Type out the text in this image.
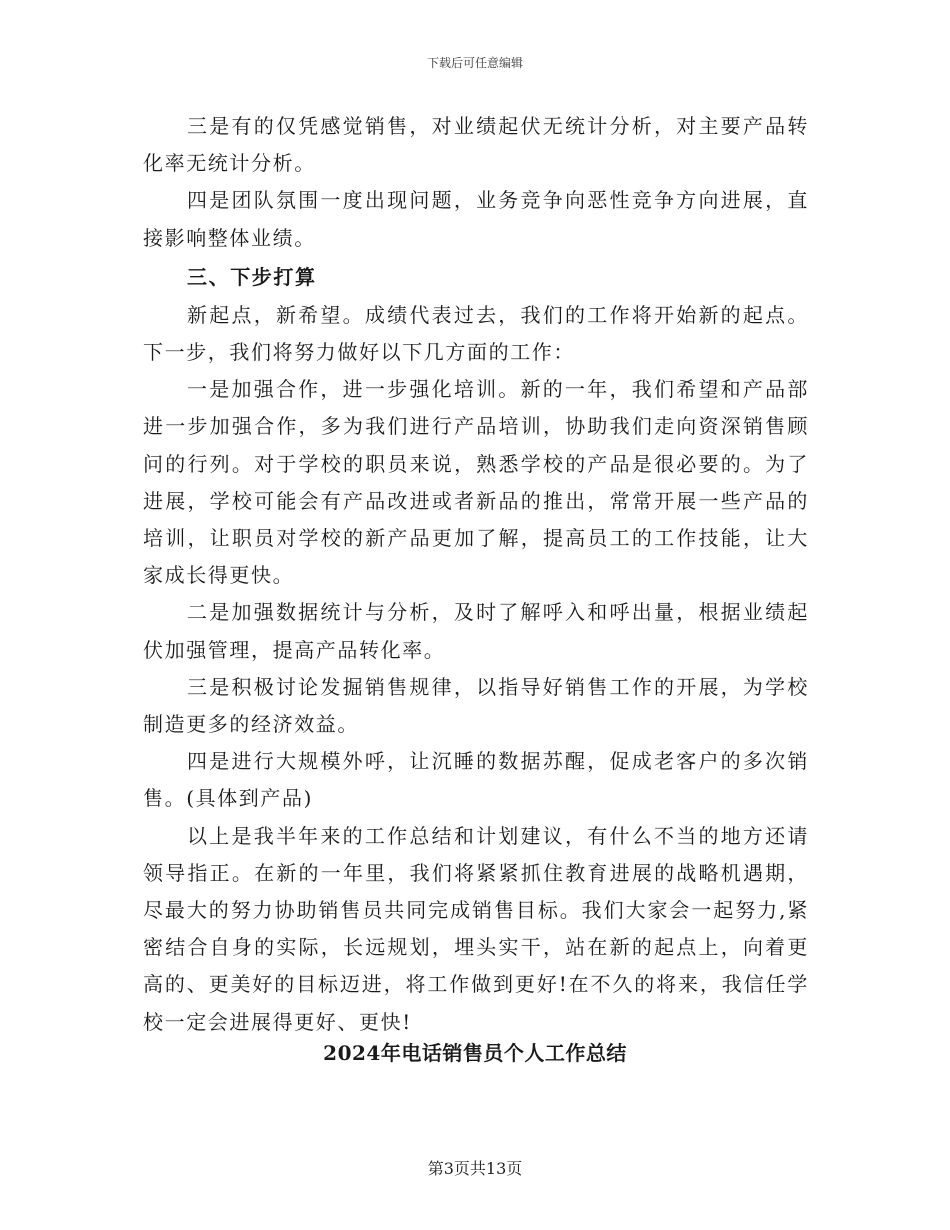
下载后可任意编辑

三是有的仅凭感觉销售，对业绩起伏无统计分析，对主要产品转化率无统计分析。

四是团队氛围一度出现问题，业务竞争向恶性竞争方向进展，直接影响整体业绩。

三、下步打算

新起点，新希望。成绩代表过去，我们的工作将开始新的起点。下一步，我们将努力做好以下几方面的工作：

一是加强合作，进一步强化培训。新的一年，我们希望和产品部进一步加强合作，多为我们进行产品培训，协助我们走向资深销售顾问的行列。对于学校的职员来说，熟悉学校的产品是很必要的。为了进展，学校可能会有产品改进或者新品的推出，常常开展一些产品的培训，让职员对学校的新产品更加了解，提高员工的工作技能，让大家成长得更快。

二是加强数据统计与分析，及时了解呼入和呼出量，根据业绩起伏加强管理，提高产品转化率。

三是积极讨论发掘销售规律，以指导好销售工作的开展，为学校制造更多的经济效益。

四是进行大规模外呼，让沉睡的数据苏醒，促成老客户的多次销售。(具体到产品)

以上是我半年来的工作总结和计划建议，有什么不当的地方还请领导指正。在新的一年里，我们将紧紧抓住教育进展的战略机遇期，尽最大的努力协助销售员共同完成销售目标。我们大家会一起努力,紧密结合自身的实际，长远规划，埋头实干，站在新的起点上，向着更高的、更美好的目标迈进，将工作做到更好!在不久的将来，我信任学校一定会进展得更好、更快!

2024年电话销售员个人工作总结
第3页共13页
